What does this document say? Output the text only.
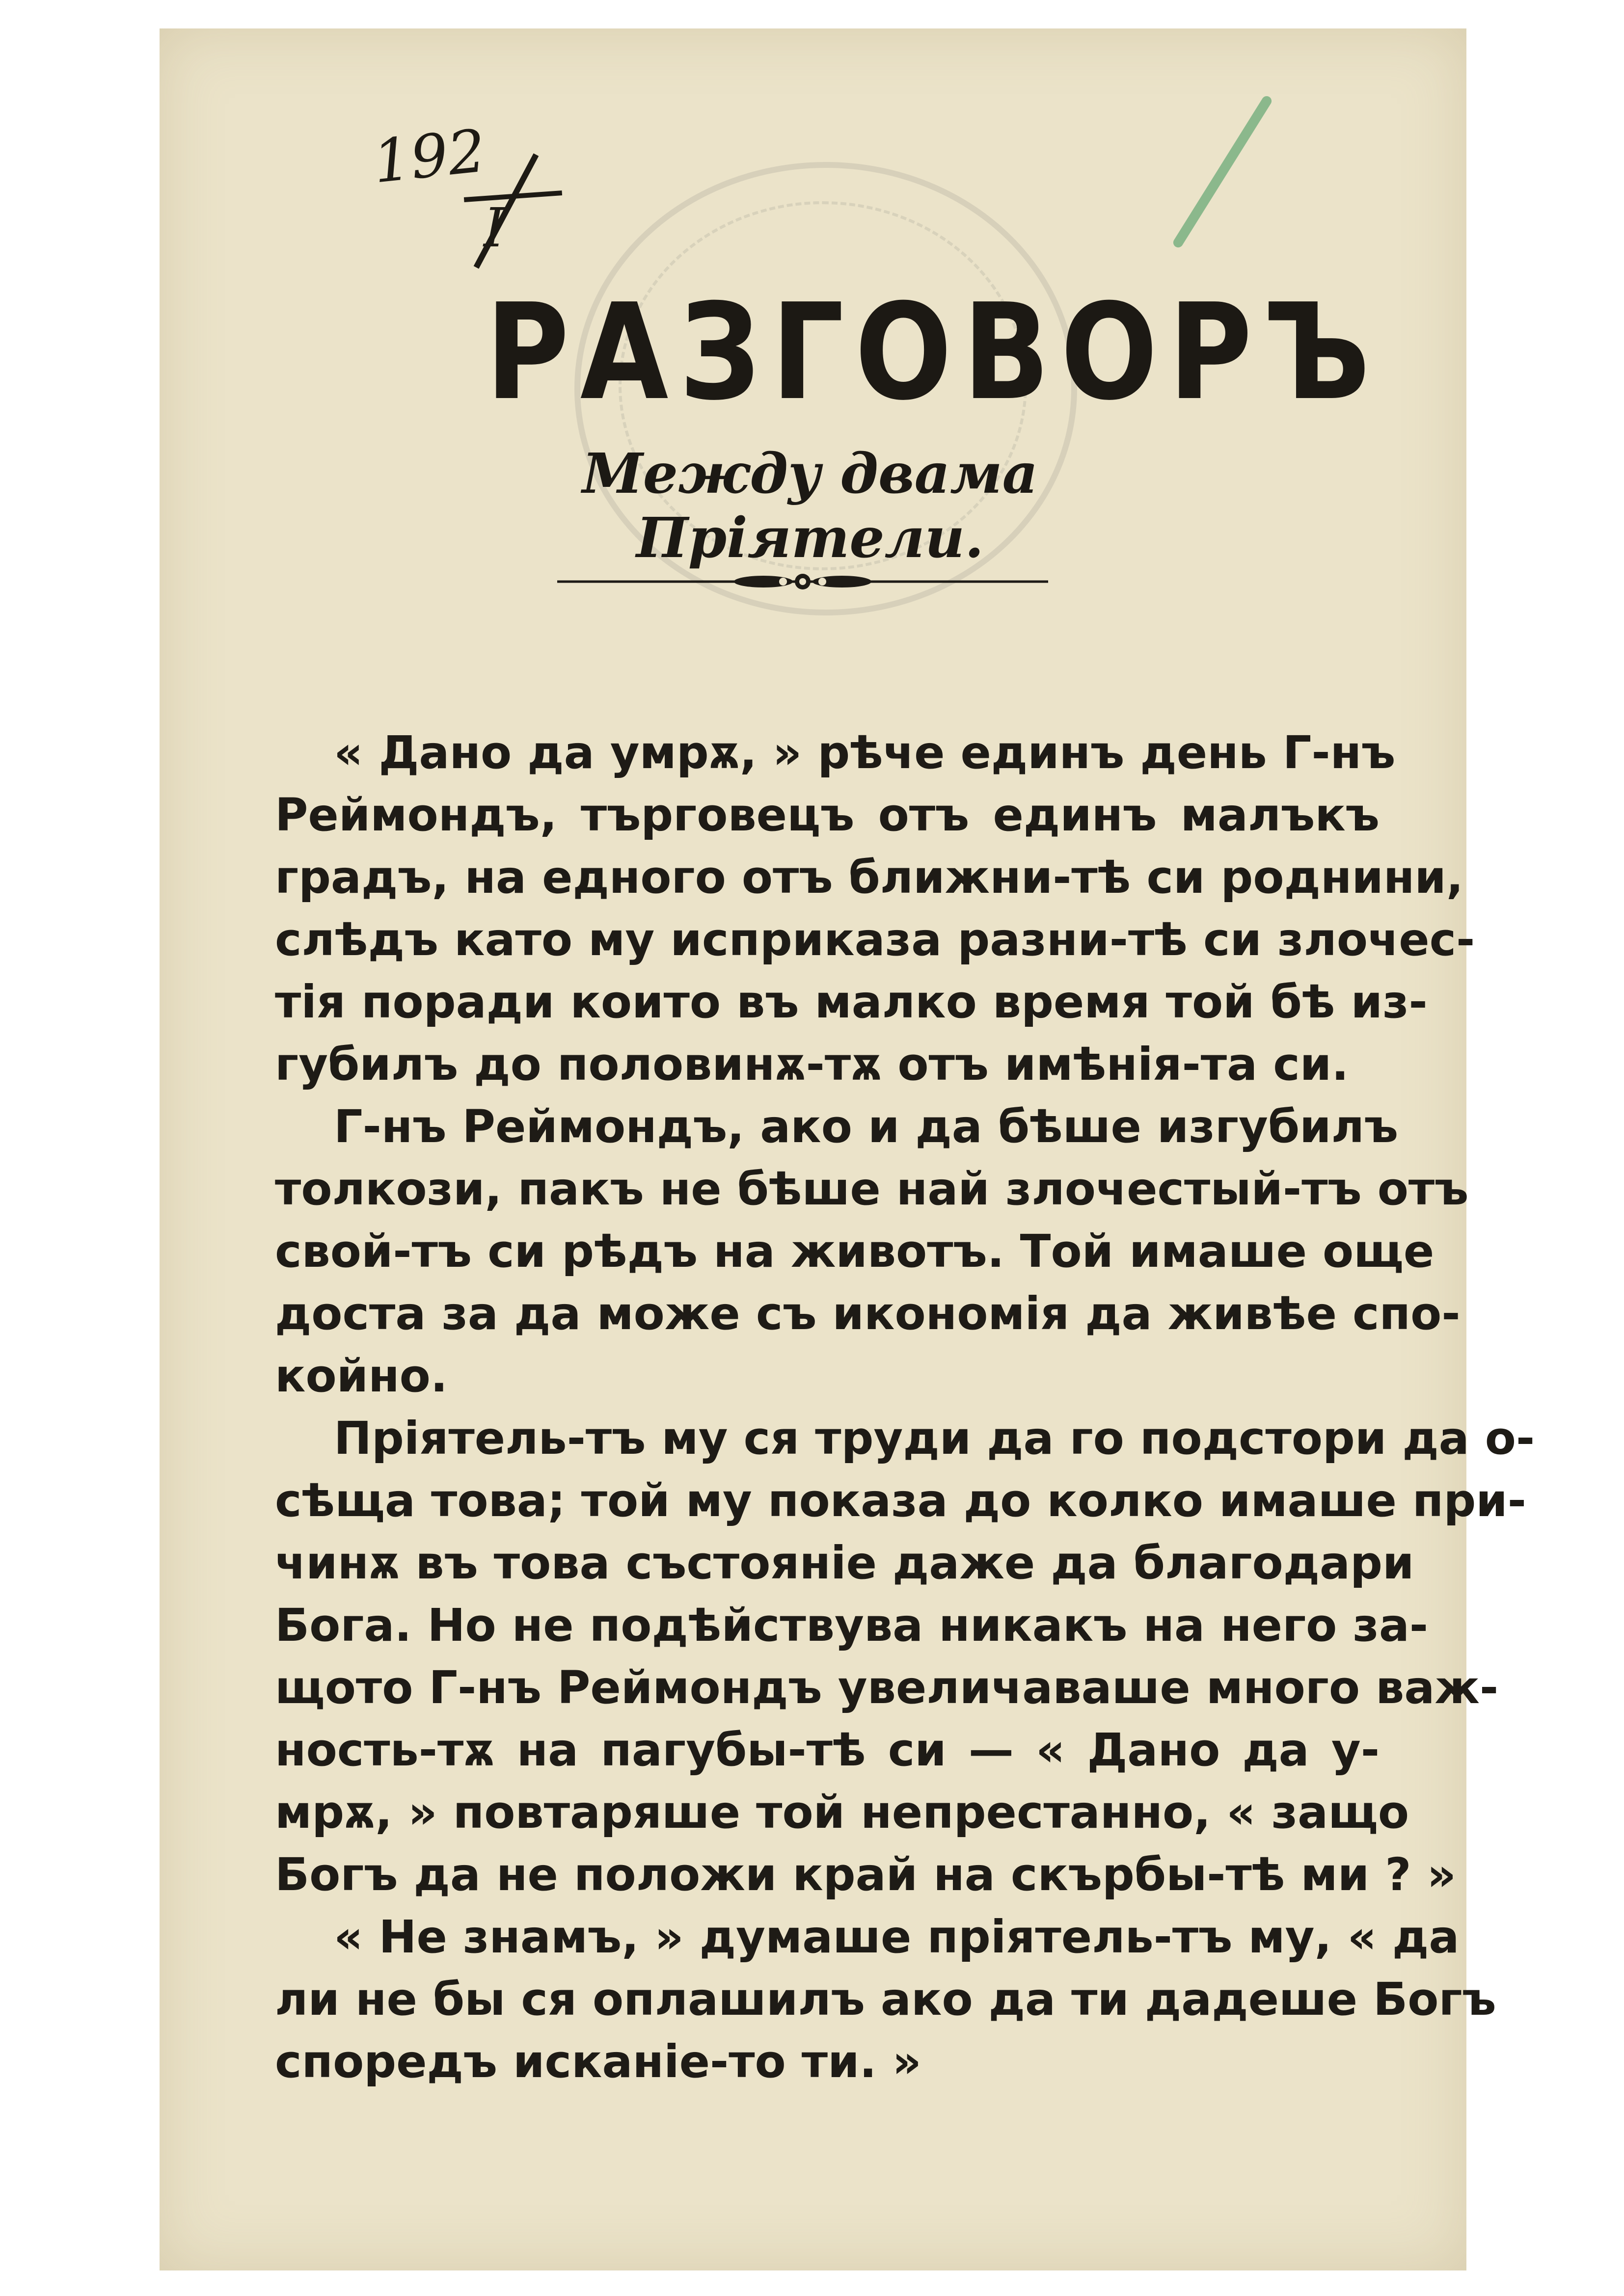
192
I
РАЗГОВОРЪ
Между двама Пріятели.
« Дано да умрѫ, » рѣче единъ день Г-нъ
Реймондъ, търговецъ отъ единъ малъкъ
градъ, на едного отъ ближни-тѣ си роднини,
слѣдъ като му исприказа разни-тѣ си злочес-
тія поради които въ малко время той бѣ из-
губилъ до половинѫ-тѫ отъ имѣнія-та си.
Г-нъ Реймондъ, ако и да бѣше изгубилъ
толкози, пакъ не бѣше най злочестый-тъ отъ
свой-тъ си рѣдъ на животъ. Той имаше още
доста за да може съ икономія да живѣе спо-
койно.
Пріятель-тъ му ся труди да го подстори да о-
сѣща това; той му показа до колко имаше при-
чинѫ въ това състояніе даже да благодари
Бога. Но не подѣйствува никакъ на него за-
щото Г-нъ Реймондъ увеличаваше много важ-
ность-тѫ на пагубы-тѣ си — « Дано да у-
мрѫ, » повтаряше той непрестанно, « защо
Богъ да не положи край на скърбы-тѣ ми ? »
« Не знамъ, » думаше пріятель-тъ му, « да
ли не бы ся оплашилъ ако да ти дадеше Богъ
споредъ исканіе-то ти. »
